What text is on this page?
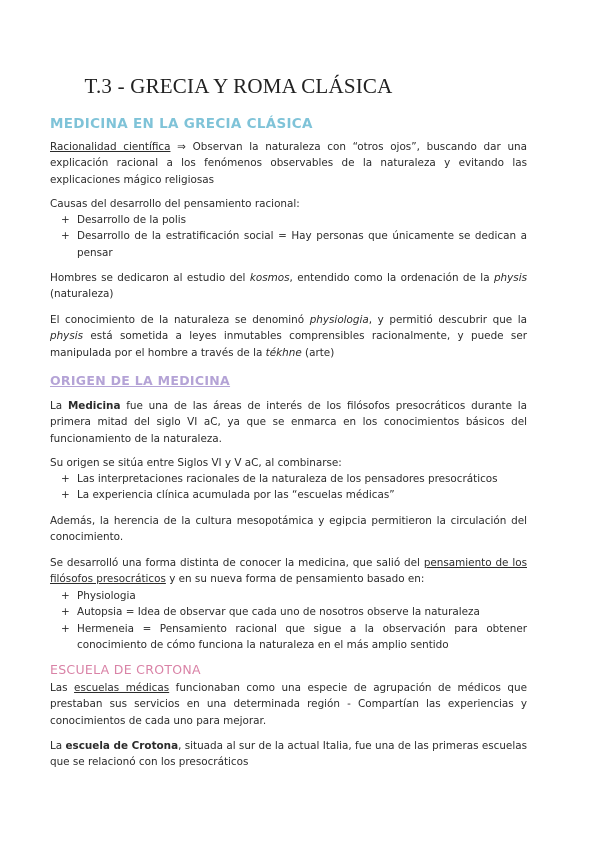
T.3 - GRECIA Y ROMA CLÁSICA
MEDICINA EN LA GRECIA CLÁSICA

Racionalidad científica ⇒ Observan la naturaleza con “otros ojos”, buscando dar una explicación racional a los fenómenos observables de la naturaleza y evitando las explicaciones mágico religiosas

Causas del desarrollo del pensamiento racional:

+ Desarrollo de la polis
+ Desarrollo de la estratificación social = Hay personas que únicamente se dedican a pensar

Hombres se dedicaron al estudio del kosmos, entendido como la ordenación de la physis (naturaleza)

El conocimiento de la naturaleza se denominó physiologia, y permitió descubrir que la physis está sometida a leyes inmutables comprensibles racionalmente, y puede ser manipulada por el hombre a través de la tékhne (arte)

ORIGEN DE LA MEDICINA

La Medicina fue una de las áreas de interés de los filósofos presocráticos durante la primera mitad del siglo VI aC, ya que se enmarca en los conocimientos básicos del funcionamiento de la naturaleza.

Su origen se sitúa entre Siglos VI y V aC, al combinarse:

+ Las interpretaciones racionales de la naturaleza de los pensadores presocráticos
+ La experiencia clínica acumulada por las “escuelas médicas”

Además, la herencia de la cultura mesopotámica y egipcia permitieron la circulación del conocimiento.

Se desarrolló una forma distinta de conocer la medicina, que salió del pensamiento de los filósofos presocráticos y en su nueva forma de pensamiento basado en:

+ Physiologia
+ Autopsia = Idea de observar que cada uno de nosotros observe la naturaleza
+ Hermeneia = Pensamiento racional que sigue a la observación para obtener conocimiento de cómo funciona la naturaleza en el más amplio sentido
ESCUELA DE CROTONA

Las escuelas médicas funcionaban como una especie de agrupación de médicos que prestaban sus servicios en una determinada región - Compartían las experiencias y conocimientos de cada uno para mejorar.

La escuela de Crotona, situada al sur de la actual Italia, fue una de las primeras escuelas que se relacionó con los presocráticos
